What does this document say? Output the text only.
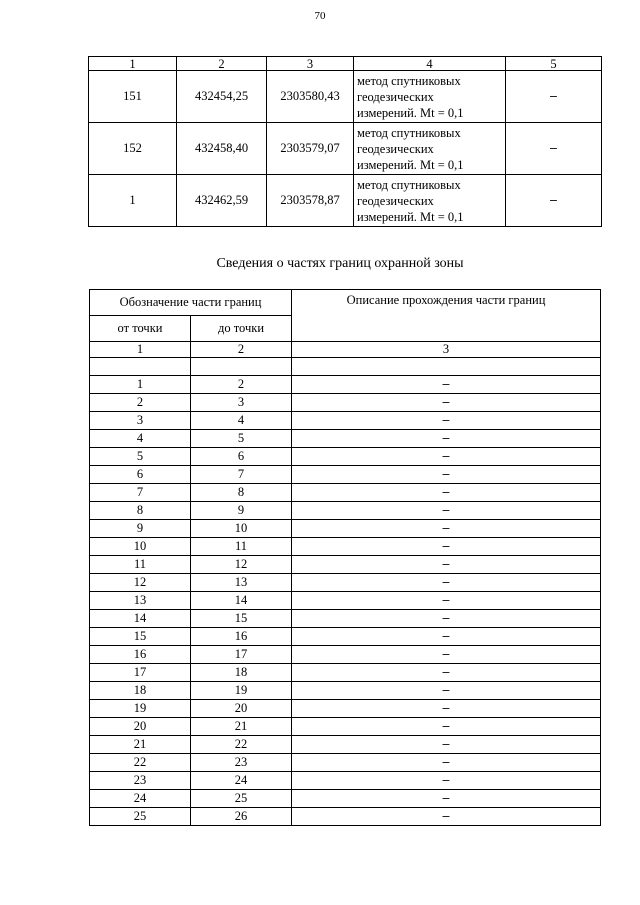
70
1	2	3	4	5
151	432454,25	2303580,43	метод спутниковых
геодезических
измерений. Mt = 0,1	–
152	432458,40	2303579,07	метод спутниковых
геодезических
измерений. Mt = 0,1	–
1	432462,59	2303578,87	метод спутниковых
геодезических
измерений. Mt = 0,1	–
Сведения о частях границ охранной зоны
Обозначение части границ		Описание прохождения части границ
от точки	до точки	
1	2	3

1	2	–
2	3	–
3	4	–
4	5	–
5	6	–
6	7	–
7	8	–
8	9	–
9	10	–
10	11	–
11	12	–
12	13	–
13	14	–
14	15	–
15	16	–
16	17	–
17	18	–
18	19	–
19	20	–
20	21	–
21	22	–
22	23	–
23	24	–
24	25	–
25	26	–
